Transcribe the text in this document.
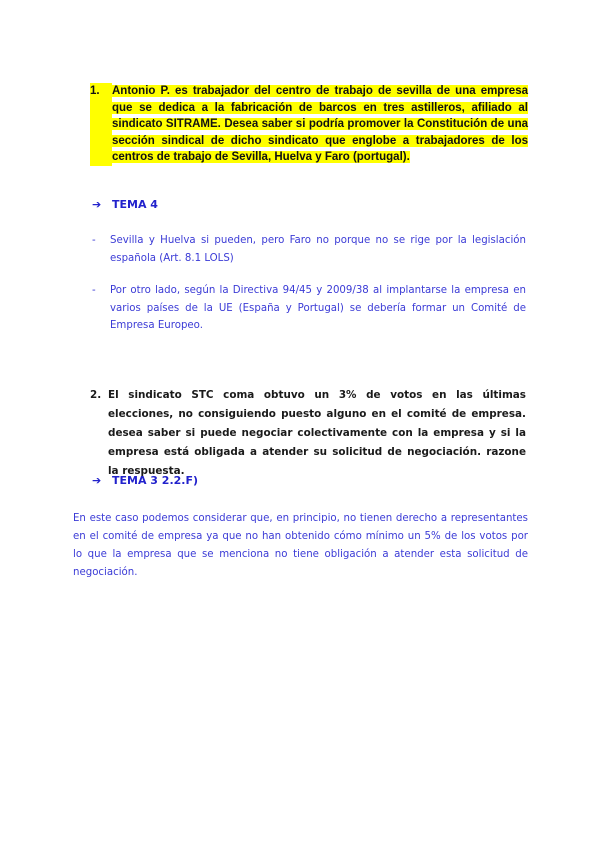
1.	Antonio P. es trabajador del centro de trabajo de sevilla de una empresa que se dedica a la fabricación de barcos en tres astilleros, afiliado al sindicato SITRAME. Desea saber si podría promover la Constitución de una sección sindical de dicho sindicato que englobe a trabajadores de los centros de trabajo de Sevilla, Huelva y Faro (portugal).
➔ TEMA 4
-	Sevilla y Huelva si pueden, pero Faro no porque no se rige por la legislación española (Art. 8.1 LOLS)
-	Por otro lado, según la Directiva 94/45 y 2009/38 al implantarse la empresa en varios países de la UE (España y Portugal) se debería formar un Comité de Empresa Europeo.
2. El sindicato STC coma obtuvo un 3% de votos en las últimas elecciones, no consiguiendo puesto alguno en el comité de empresa. desea saber si puede negociar colectivamente con la empresa y si la empresa está obligada a atender su solicitud de negociación. razone la respuesta.
➔ TEMA 3 2.2.F)
En este caso podemos considerar que, en principio, no tienen derecho a representantes en el comité de empresa ya que no han obtenido cómo mínimo un 5% de los votos por lo que la empresa que se menciona no tiene obligación a atender esta solicitud de negociación.
